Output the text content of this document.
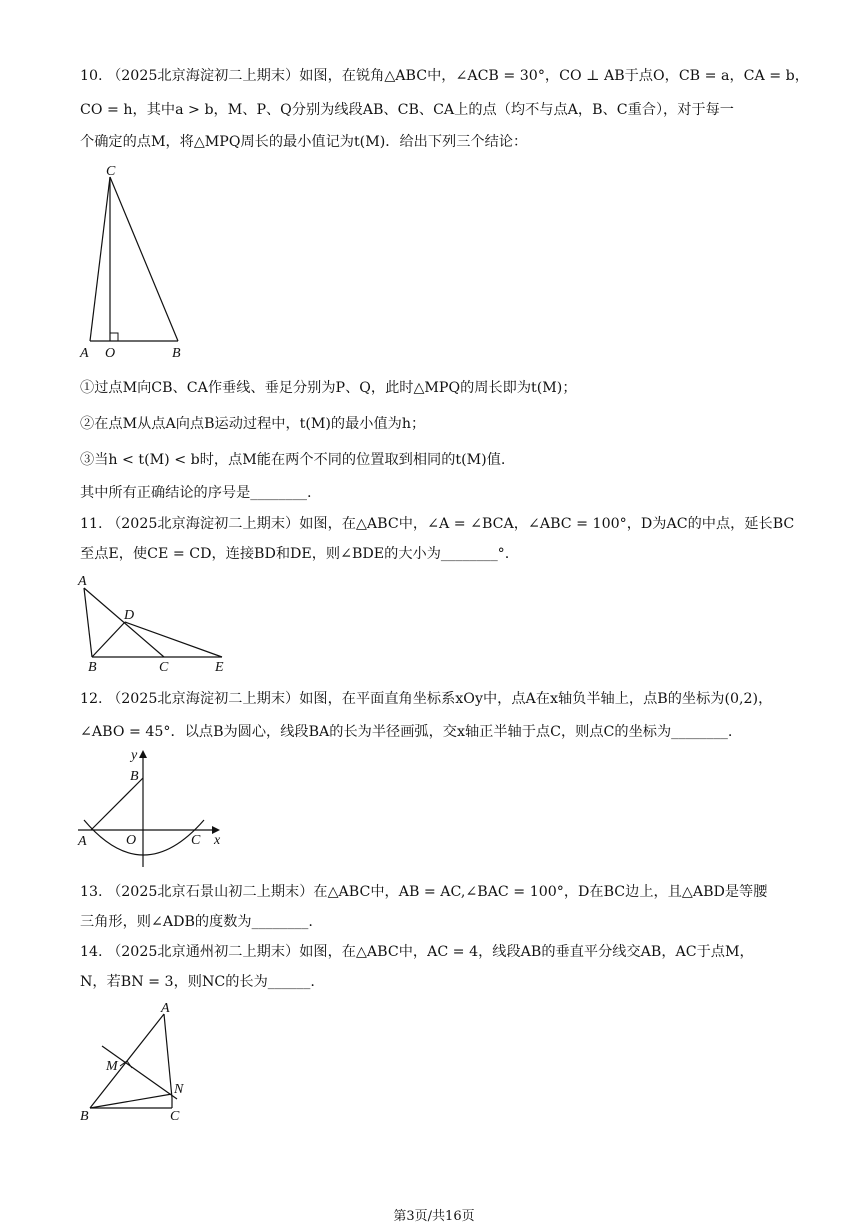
10. （2025北京海淀初二上期末）如图，在锐角△ABC中，∠ACB = 30°，CO ⊥ AB于点O，CB = a，CA = b，
CO = h，其中a > b，M、P、Q分别为线段AB、CB、CA上的点（均不与点A，B、C重合），对于每一
个确定的点M，将△MPQ周长的最小值记为t(M)．给出下列三个结论：
C
A O	B
①过点M向CB、CA作垂线、垂足分别为P、Q，此时△MPQ的周长即为t(M)；
②在点M从点A向点B运动过程中，t(M)的最小值为h；
③当h < t(M) < b时，点M能在两个不同的位置取到相同的t(M)值.
其中所有正确结论的序号是________.
11. （2025北京海淀初二上期末）如图，在△ABC中，∠A = ∠BCA，∠ABC = 100°，D为AC的中点，延长BC
至点E，使CE = CD，连接BD和DE，则∠BDE的大小为________°.
A
D
B	C	E
12. （2025北京海淀初二上期末）如图，在平面直角坐标系xOy中，点A在x轴负半轴上，点B的坐标为(0,2)，
∠ABO = 45°．以点B为圆心，线段BA的长为半径画弧，交x轴正半轴于点C，则点C的坐标为________.
y
B
A	O	C x
13. （2025北京石景山初二上期末）在△ABC中，AB = AC,∠BAC = 100°，D在BC边上，且△ABD是等腰
三角形，则∠ADB的度数为________.
14. （2025北京通州初二上期末）如图，在△ABC中，AC = 4，线段AB的垂直平分线交AB，AC于点M，
N，若BN = 3，则NC的长为______.
A
M
N
B	C
第3页/共16页
